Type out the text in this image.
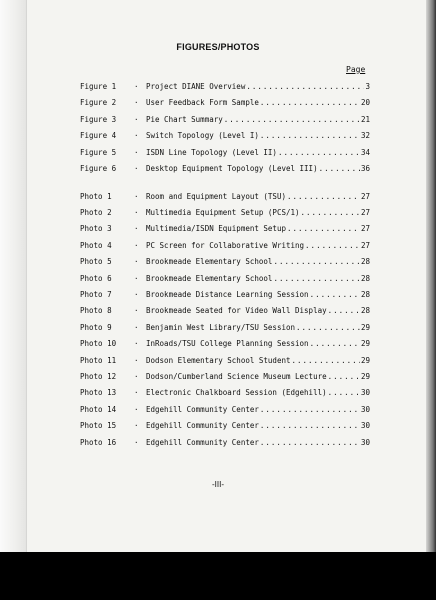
FIGURES/PHOTOS
Page
Figure 1	· Project DIANE Overview .....	3
Figure 2	· User Feedback Form Sample .....	20
Figure 3	· Pie Chart Summary .....	21
Figure 4	· Switch Topology (Level I) .....	32
Figure 5	· ISDN Line Topology (Level II) .....	34
Figure 6	· Desktop Equipment Topology (Level III) .....	36
Photo 1	· Room and Equipment Layout (TSU) .....	27
Photo 2	· Multimedia Equipment Setup (PCS/1) .....	27
Photo 3	· Multimedia/ISDN Equipment Setup .....	27
Photo 4	· PC Screen for Collaborative Writing .....	27
Photo 5	· Brookmeade Elementary School .....	28
Photo 6	· Brookmeade Elementary School .....	28
Photo 7	· Brookmeade Distance Learning Session .....	28
Photo 8	· Brookmeade Seated for Video Wall Display .....	28
Photo 9	· Benjamin West Library/TSU Session .....	29
Photo 10	· InRoads/TSU College Planning Session .....	29
Photo 11	· Dodson Elementary School Student .....	29
Photo 12	· Dodson/Cumberland Science Museum Lecture .....	29
Photo 13	· Electronic Chalkboard Session (Edgehill) .....	30
Photo 14	· Edgehill Community Center .....	30
Photo 15	· Edgehill Community Center .....	30
Photo 16	· Edgehill Community Center .....	30
-III-
